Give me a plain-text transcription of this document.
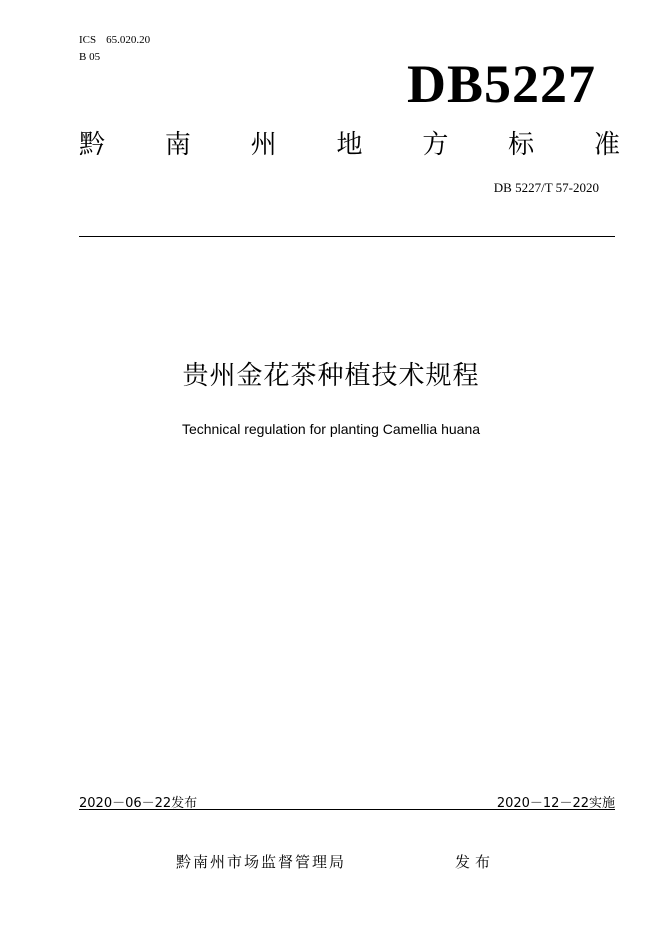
ICS 65.020.20
B 05	DB5227
黔 南 州 地 方 标 准
DB 5227/T 57-2020
贵州金花茶种植技术规程
Technical regulation for planting Camellia huana
2020－06－22发布	2020－12－22实施
黔南州市场监督管理局	发布
